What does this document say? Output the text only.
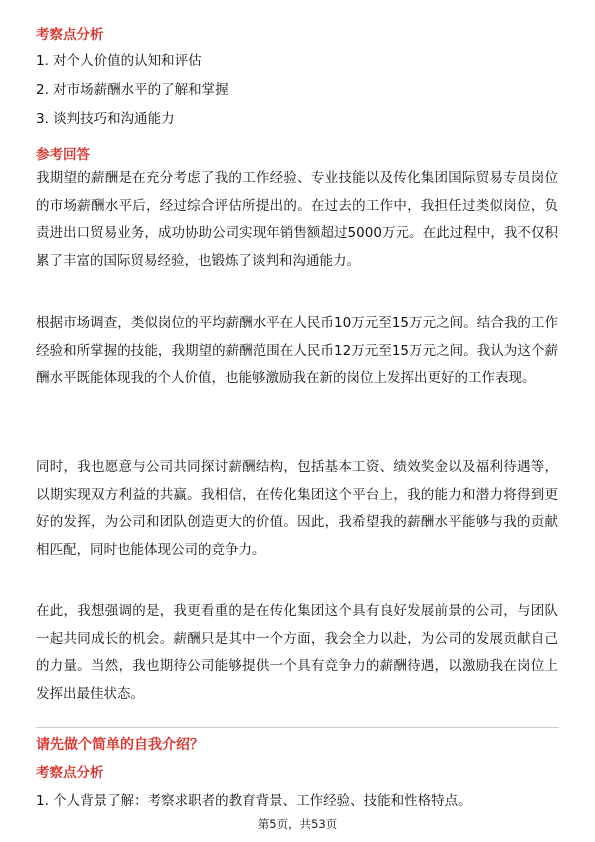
考察点分析
1. 对个人价值的认知和评估
2. 对市场薪酬水平的了解和掌握
3. 谈判技巧和沟通能力
参考回答

我期望的薪酬是在充分考虑了我的工作经验、专业技能以及传化集团国际贸易专员岗位的市场薪酬水平后，经过综合评估所提出的。在过去的工作中，我担任过类似岗位，负责进出口贸易业务，成功协助公司实现年销售额超过5000万元。在此过程中，我不仅积累了丰富的国际贸易经验，也锻炼了谈判和沟通能力。

根据市场调查，类似岗位的平均薪酬水平在人民币10万元至15万元之间。结合我的工作经验和所掌握的技能，我期望的薪酬范围在人民币12万元至15万元之间。我认为这个薪酬水平既能体现我的个人价值，也能够激励我在新的岗位上发挥出更好的工作表现。

同时，我也愿意与公司共同探讨薪酬结构，包括基本工资、绩效奖金以及福利待遇等，以期实现双方利益的共赢。我相信，在传化集团这个平台上，我的能力和潜力将得到更好的发挥，为公司和团队创造更大的价值。因此，我希望我的薪酬水平能够与我的贡献相匹配，同时也能体现公司的竞争力。

在此，我想强调的是，我更看重的是在传化集团这个具有良好发展前景的公司，与团队一起共同成长的机会。薪酬只是其中一个方面，我会全力以赴，为公司的发展贡献自己的力量。当然，我也期待公司能够提供一个具有竞争力的薪酬待遇，以激励我在岗位上发挥出最佳状态。

请先做个简单的自我介绍？
考察点分析
1. 个人背景了解：考察求职者的教育背景、工作经验、技能和性格特点。
第5页，共53页
